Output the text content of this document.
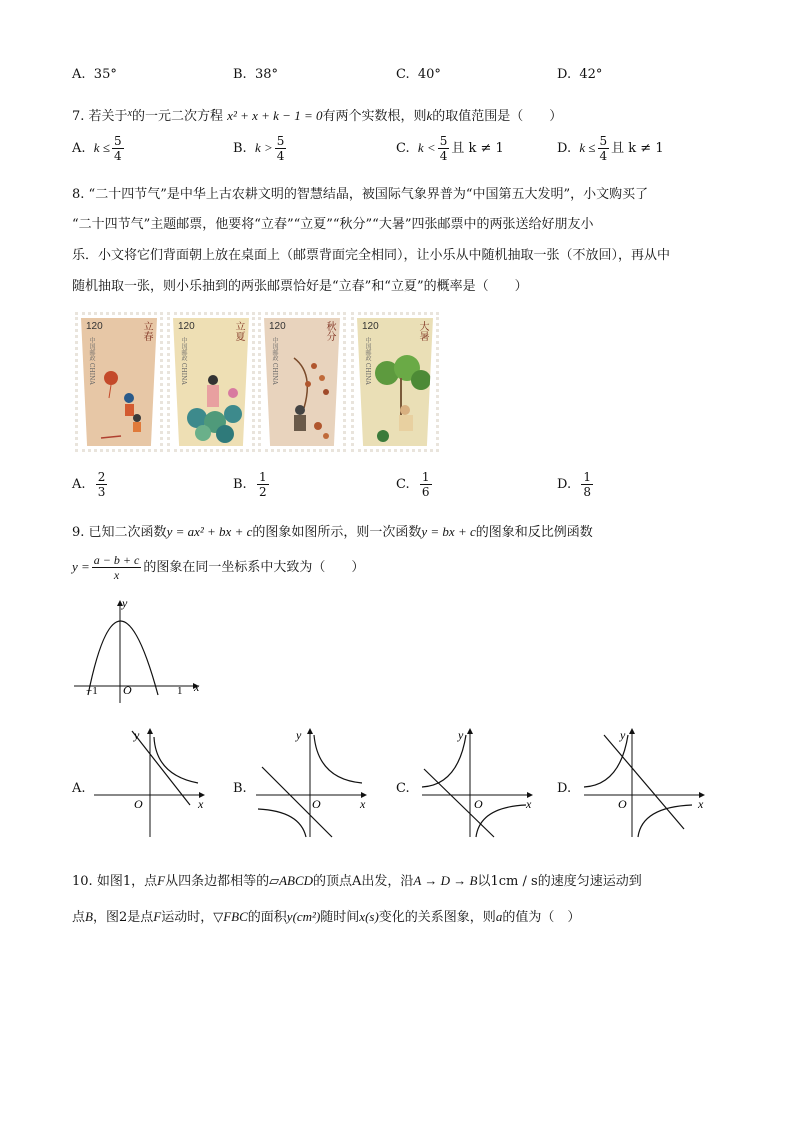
A. 35°	B. 38°	C. 40°	D. 42°
7. 若关于$^x$的一元二次方程 x² + x + k − 1 = 0有两个实数根，则k的取值范围是（　　）
A. $k \le \frac{5}{4}$	B. $k > \frac{5}{4}$	C. $k < \frac{5}{4}$ 且 k ≠ 1	D. $k \le \frac{5}{4}$ 且 k ≠ 1
8. “二十四节气”是中华上古农耕文明的智慧结晶，被国际气象界普为“中国第五大发明”，小文购买了
“二十四节气”主题邮票，他要将“立春”“立夏”“秋分”“大暑”四张邮票中的两张送给好朋友小
乐．小文将它们背面朝上放在桌面上（邮票背面完全相同），让小乐从中随机抽取一张（不放回），再从中
随机抽取一张，则小乐抽到的两张邮票恰好是“立春”和“立夏”的概率是（　　）
120	立春
中国邮政 CHINA
120	立夏
中国邮政 CHINA
120	秋分
中国邮政 CHINA
120	大暑
中国邮政 CHINA
A. $\frac{2}{3}$	B. $\frac{1}{2}$	C. $\frac{1}{6}$	D. $\frac{1}{8}$
9. 已知二次函数y = ax² + bx + c的图象如图所示，则一次函数y = bx + c的图象和反比例函数
$y = \frac{a - b + c}{x}$ 的图象在同一坐标系中大致为（　　）
y
x
O
−1	1
A.
y
x
O
B.
y
x
O
C.
y
x
O
D.
y
x
O
10. 如图1，点F从四条边都相等的▱ABCD的顶点A出发，沿A → D → B以1cm / s的速度匀速运动到
点B，图2是点F运动时，▽FBC的面积y(cm²)随时间x(s)变化的关系图象，则a的值为（　）
